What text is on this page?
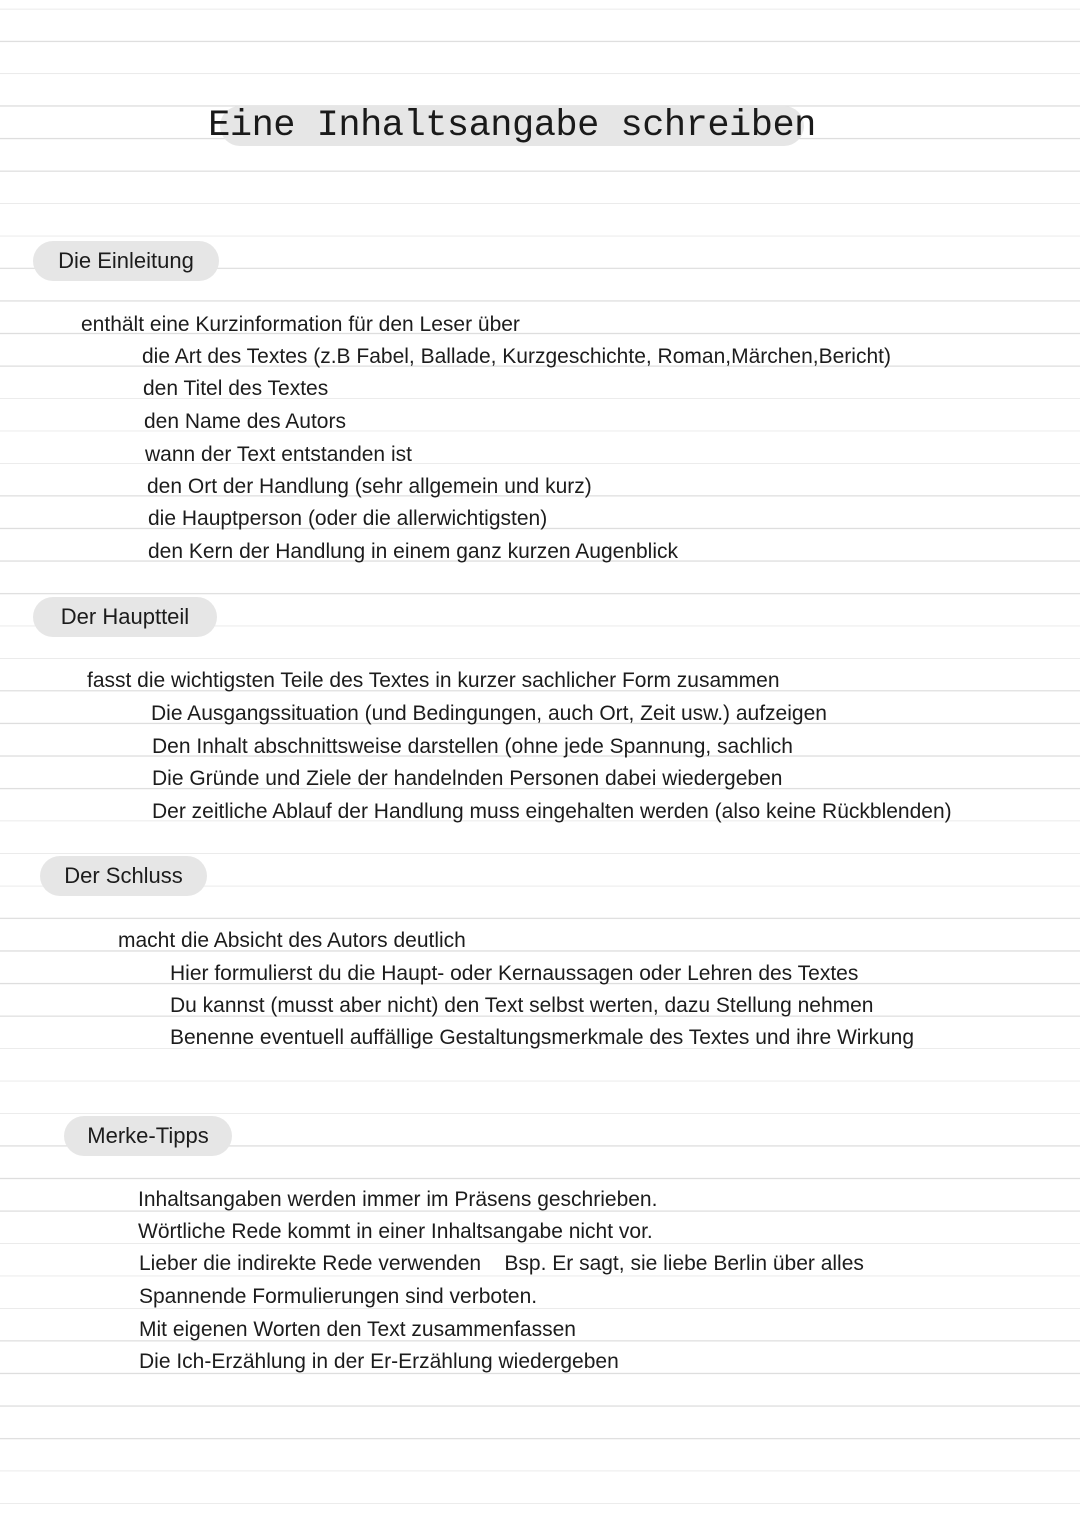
Eine Inhaltsangabe schreiben
Die Einleitung
enthält eine Kurzinformation für den Leser über
die Art des Textes (z.B Fabel, Ballade, Kurzgeschichte, Roman,Märchen,Bericht)
den Titel des Textes
den Name des Autors
wann der Text entstanden ist
den Ort der Handlung (sehr allgemein und kurz)
die Hauptperson (oder die allerwichtigsten)
den Kern der Handlung in einem ganz kurzen Augenblick
Der Hauptteil
fasst die wichtigsten Teile des Textes in kurzer sachlicher Form zusammen
Die Ausgangssituation (und Bedingungen, auch Ort, Zeit usw.) aufzeigen
Den Inhalt abschnittsweise darstellen (ohne jede Spannung, sachlich
Die Gründe und Ziele der handelnden Personen dabei wiedergeben
Der zeitliche Ablauf der Handlung muss eingehalten werden (also keine Rückblenden)
Der Schluss
macht die Absicht des Autors deutlich
Hier formulierst du die Haupt- oder Kernaussagen oder Lehren des Textes
Du kannst (musst aber nicht) den Text selbst werten, dazu Stellung nehmen
Benenne eventuell auffällige Gestaltungsmerkmale des Textes und ihre Wirkung
Merke-Tipps
Inhaltsangaben werden immer im Präsens geschrieben.
Wörtliche Rede kommt in einer Inhaltsangabe nicht vor.
Lieber die indirekte Rede verwenden    Bsp. Er sagt, sie liebe Berlin über alles
Spannende Formulierungen sind verboten.
Mit eigenen Worten den Text zusammenfassen
Die Ich-Erzählung in der Er-Erzählung wiedergeben
